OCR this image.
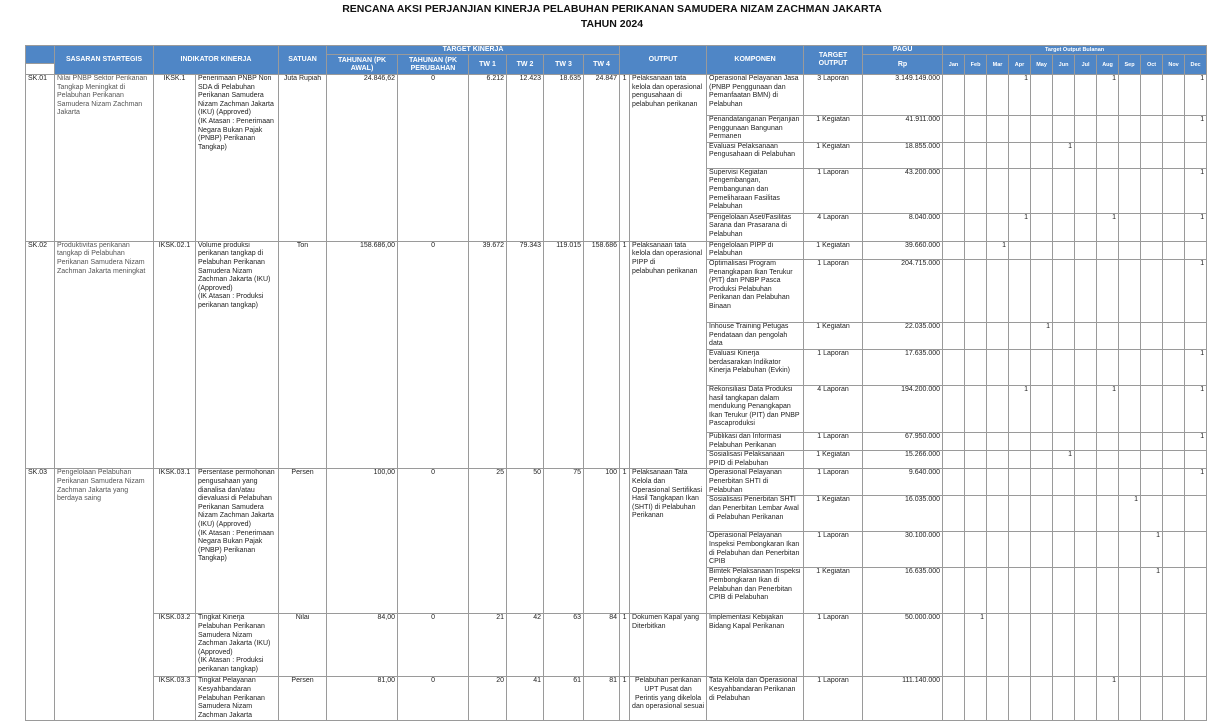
RENCANA AKSI PERJANJIAN KINERJA PELABUHAN PERIKANAN SAMUDERA NIZAM ZACHMAN JAKARTA
TAHUN 2024
	SASARAN STARTEGIS	INDIKATOR KINERJA		SATUAN	TARGET KINERJA						OUTPUT		KOMPONEN	TARGET OUTPUT	PAGU	Target Output Bulanan											
					TAHUNAN (PK AWAL)	TAHUNAN (PK PERUBAHAN	TW 1	TW 2	TW 3	TW 4					Rp	Jan	Feb	Mar	Apr	May	Jun	Jul	Aug	Sep	Oct	Nov	Dec

SK.01	Nilai PNBP Sektor Perikanan Tangkap Meningkat di Pelabuhan Perikanan Samudera Nizam Zachman Jakarta	IKSK.1	Penerimaan PNBP Non SDA di Pelabuhan Perikanan Samudera Nizam Zachman Jakarta (IKU) (Approved)
(IK Atasan : Penerimaan Negara Bukan Pajak (PNBP) Perikanan Tangkap)	Juta Rupiah	24.846,62	0	6.212	12.423	18.635	24.847	1	Pelaksanaan tata kelola dan operasional pengusahaan di pelabuhan perikanan	Operasional Pelayanan Jasa (PNBP Penggunaan dan Pemanfaatan BMN) di Pelabuhan	3 Laporan	3.149.149.000				1				1				1
													Penandatanganan Perjanjian Penggunaan Bangunan Permanen	1 Kegiatan	41.911.000												1
													Evaluasi Pelaksanaan Pengusahaan di Pelabuhan	1 Kegiatan	18.855.000						1						
													Supervisi Kegiatan Pengembangan, Pembangunan dan Pemeliharaan Fasilitas Pelabuhan	1 Laporan	43.200.000												1
													Pengelolaan Aset/Fasilitas Sarana dan Prasarana di Pelabuhan	4 Laporan	8.040.000				1				1				1
SK.02	Produktivitas perikanan tangkap di Pelabuhan Perikanan Samudera Nizam Zachman Jakarta meningkat	IKSK.02.1	Volume produksi perikanan tangkap di Pelabuhan Perikanan Samudera Nizam Zachman Jakarta (IKU) (Approved)
(IK Atasan : Produksi perikanan tangkap)	Ton	158.686,00	0	39.672	79.343	119.015	158.686	1	Pelaksanaan tata kelola dan operasional PIPP di
pelabuhan perikanan	Pengelolaan PIPP di Pelabuhan	1 Kegiatan	39.660.000			1									
													Optimalisasi Program Penangkapan Ikan Terukur (PIT) dan PNBP Pasca Produksi Pelabuhan Perikanan dan Pelabuhan Binaan	1 Laporan	204.715.000												1
													Inhouse Training Petugas Pendataan dan pengolah data	1 Kegiatan	22.035.000					1							
													Evaluasi Kinerja berdasarakan Indikator Kinerja Pelabuhan (Evkin)	1 Laporan	17.635.000												1
													Rekonsiliasi Data Produksi hasil tangkapan dalam mendukung Penangkapan Ikan Terukur (PIT) dan PNBP Pascaproduksi	4 Laporan	194.200.000				1				1				1
													Publikasi dan Informasi Pelabuhan Perikanan	1 Laporan	67.950.000												1
													Sosialisasi Pelaksanaan PPID di Pelabuhan	1 Kegiatan	15.266.000						1						
SK.03	Pengelolaan Pelabuhan Perikanan Samudera Nizam Zachman Jakarta yang berdaya saing	IKSK.03.1	Persentase permohonan pengusahaan yang dianalisa dan/atau dievaluasi di Pelabuhan Perikanan Samudera Nizam Zachman Jakarta (IKU) (Approved)
(IK Atasan : Penerimaan Negara Bukan Pajak (PNBP) Perikanan Tangkap)	Persen	100,00	0	25	50	75	100	1	Pelaksanaan Tata Kelola dan Operasional Sertifikasi Hasil Tangkapan Ikan (SHTI) di Pelabuhan Perikanan	Operasional Pelayanan Penerbitan SHTI di Pelabuhan	1 Laporan	9.640.000												1
													Sosialisasi Penerbitan SHTI dan Penerbitan Lembar Awal di Pelabuhan Perikanan	1 Kegiatan	16.035.000									1			
													Operasional Pelayanan Inspeksi Pembongkaran Ikan di Pelabuhan dan Penerbitan CPIB	1 Laporan	30.100.000										1		
													Bimtek Pelaksanaan Inspeksi Pembongkaran Ikan di Pelabuhan dan Penerbitan CPIB di Pelabuhan	1 Kegiatan	16.635.000										1		
		IKSK.03.2	Tingkat Kinerja Pelabuhan Perikanan Samudera Nizam Zachman Jakarta (IKU) (Approved)
(IK Atasan : Produksi perikanan tangkap)	Nilai	84,00	0	21	42	63	84	1	Dokumen Kapal yang Diterbitkan	Implementasi Kebijakan Bidang Kapal Perikanan	1 Laporan	50.000.000		1										
		IKSK.03.3	Tingkat Pelayanan Kesyahbandaran Pelabuhan Perikanan Samudera Nizam Zachman Jakarta	Persen	81,00	0	20	41	61	81	1	Pelabuhan perikanan UPT Pusat dan Perintis yang dikelola dan operasional sesuai	Tata Kelola dan Operasional Kesyahbandaran Perikanan di Pelabuhan	1 Laporan	111.140.000								1				
